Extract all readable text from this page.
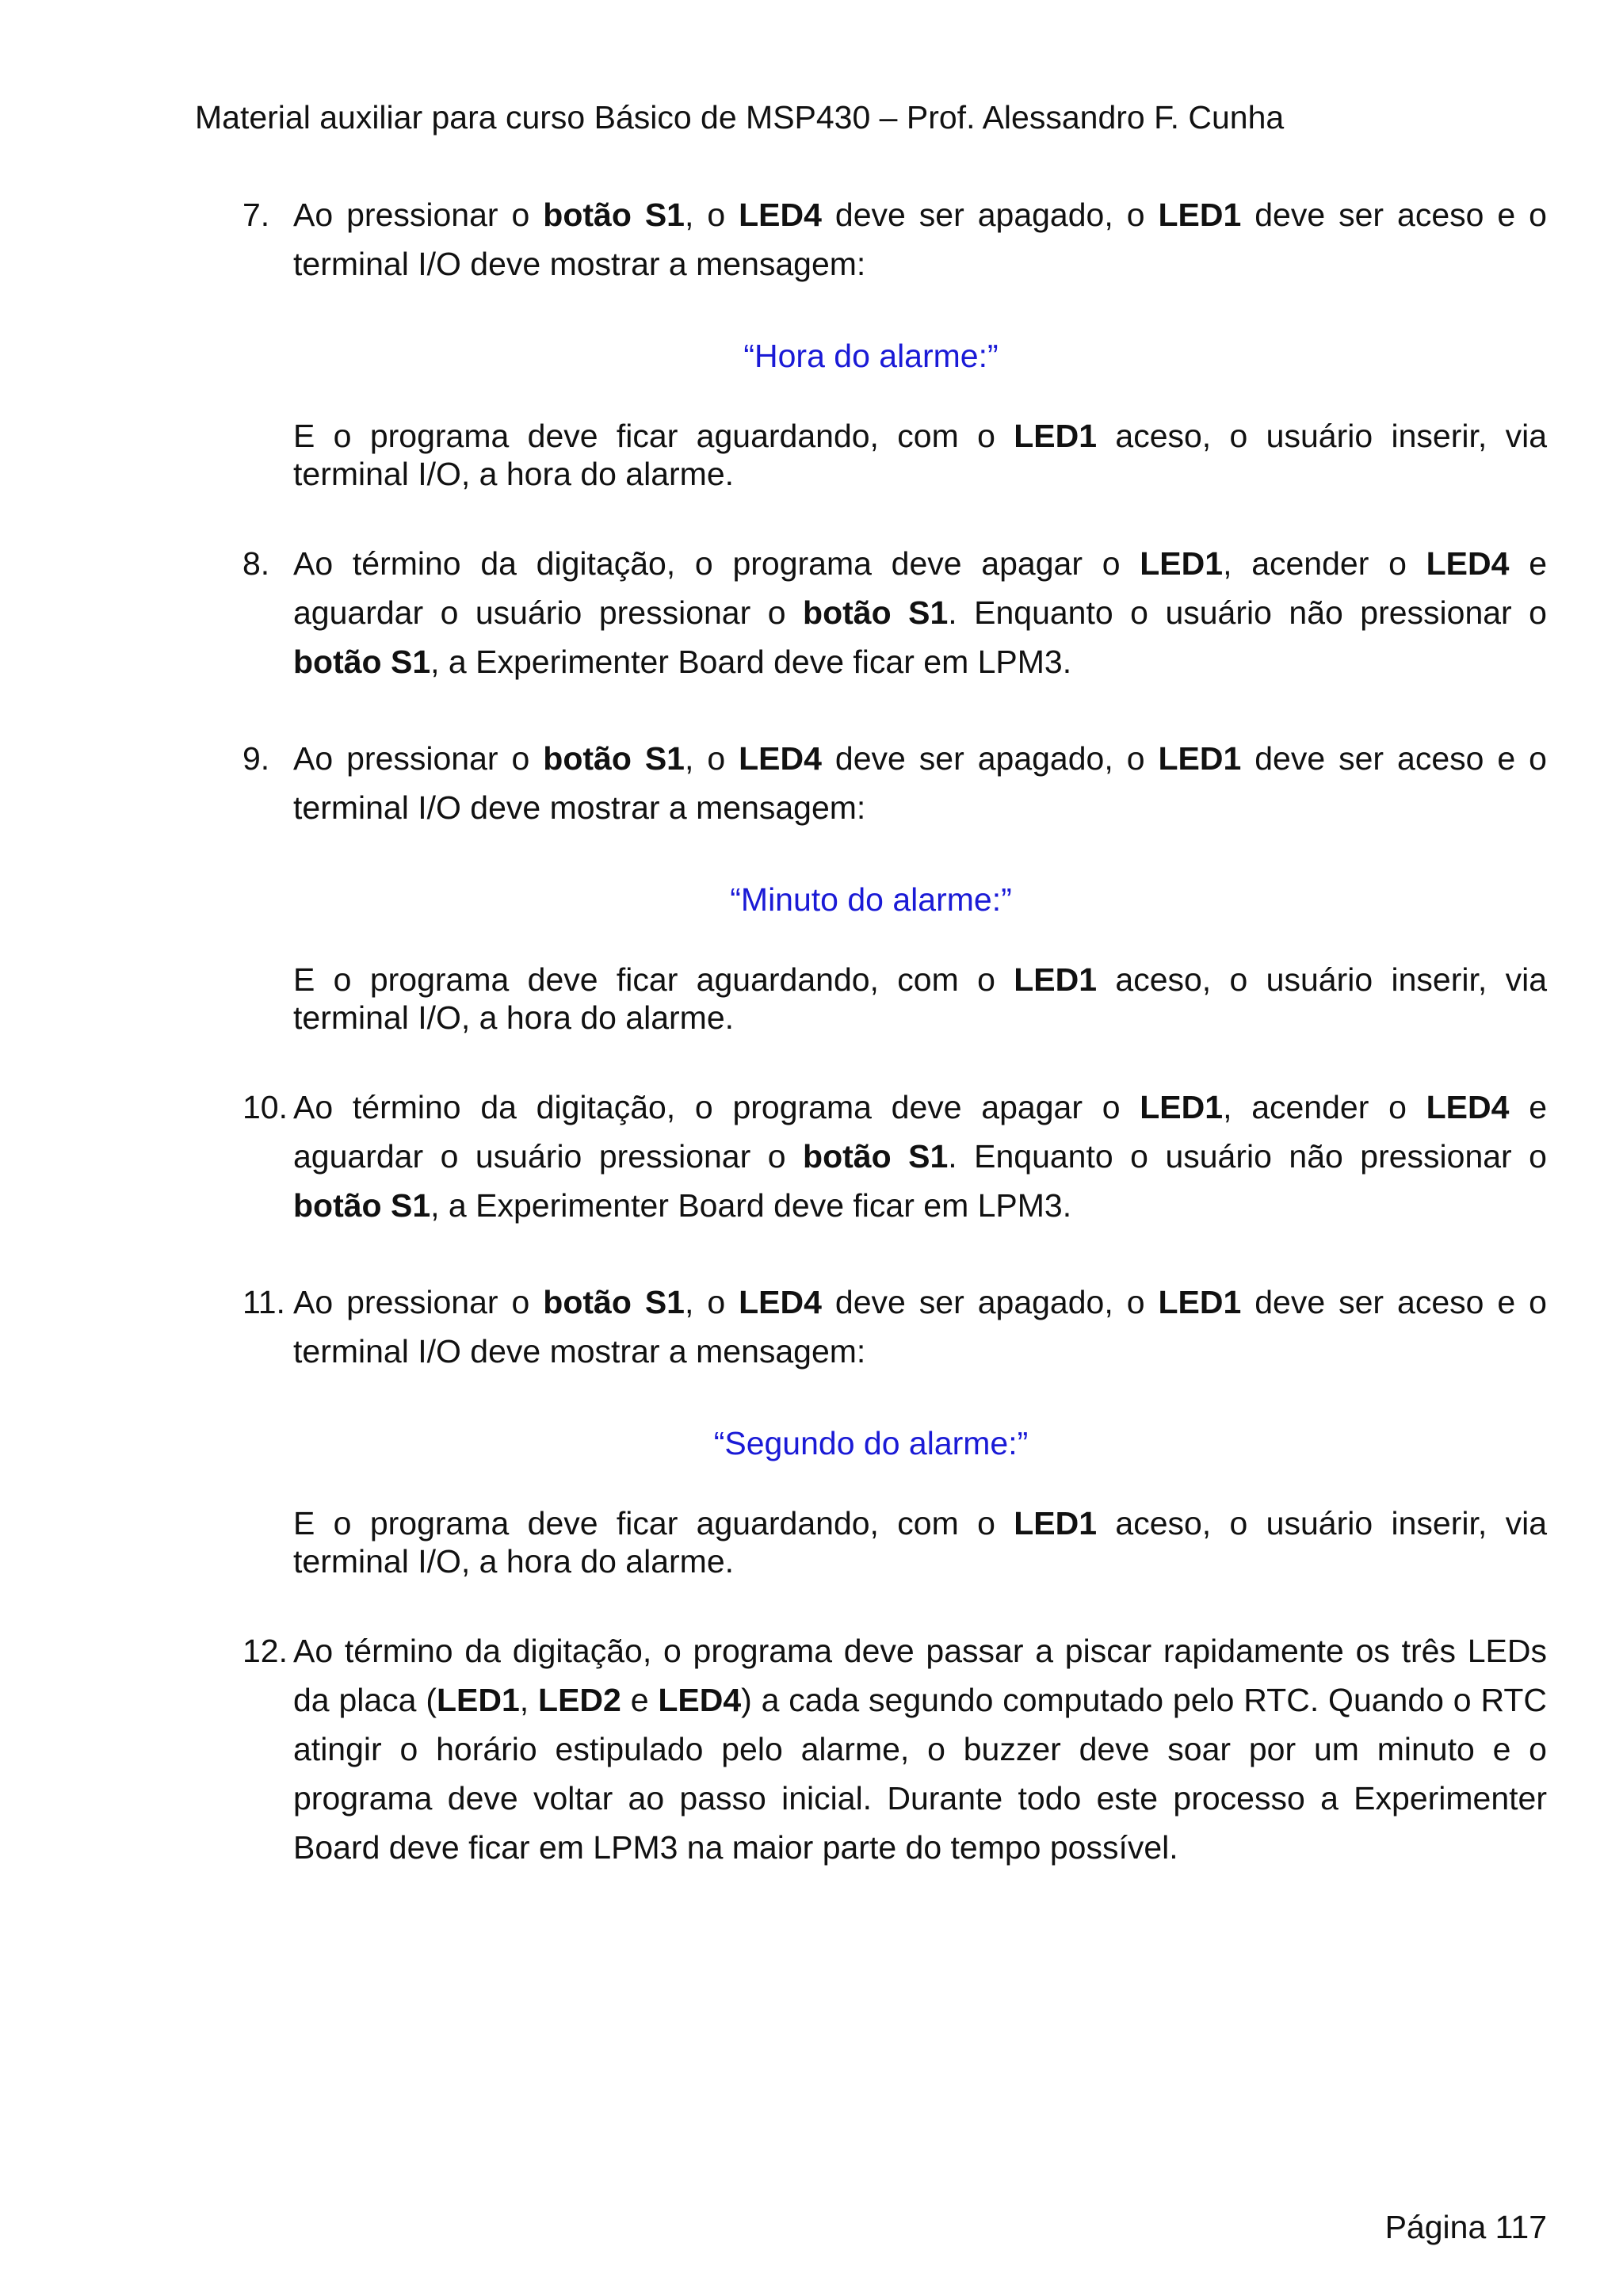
Material auxiliar para curso Básico de MSP430 – Prof. Alessandro F. Cunha
7. Ao pressionar o botão S1, o LED4 deve ser apagado, o LED1 deve ser aceso e o terminal I/O deve mostrar a mensagem:
“Hora do alarme:”
E o programa deve ficar aguardando, com o LED1 aceso, o usuário inserir, via terminal I/O, a hora do alarme.
8. Ao término da digitação, o programa deve apagar o LED1, acender o LED4 e aguardar o usuário pressionar o botão S1. Enquanto o usuário não pressionar o botão S1, a Experimenter Board deve ficar em LPM3.
9. Ao pressionar o botão S1, o LED4 deve ser apagado, o LED1 deve ser aceso e o terminal I/O deve mostrar a mensagem:
“Minuto do alarme:”
E o programa deve ficar aguardando, com o LED1 aceso, o usuário inserir, via terminal I/O, a hora do alarme.
10. Ao término da digitação, o programa deve apagar o LED1, acender o LED4 e aguardar o usuário pressionar o botão S1. Enquanto o usuário não pressionar o botão S1, a Experimenter Board deve ficar em LPM3.
11. Ao pressionar o botão S1, o LED4 deve ser apagado, o LED1 deve ser aceso e o terminal I/O deve mostrar a mensagem:
“Segundo do alarme:”
E o programa deve ficar aguardando, com o LED1 aceso, o usuário inserir, via terminal I/O, a hora do alarme.
12. Ao término da digitação, o programa deve passar a piscar rapidamente os três LEDs da placa (LED1, LED2 e LED4) a cada segundo computado pelo RTC. Quando o RTC atingir o horário estipulado pelo alarme, o buzzer deve soar por um minuto e o programa deve voltar ao passo inicial. Durante todo este processo a Experimenter Board deve ficar em LPM3 na maior parte do tempo possível.
Página 117
